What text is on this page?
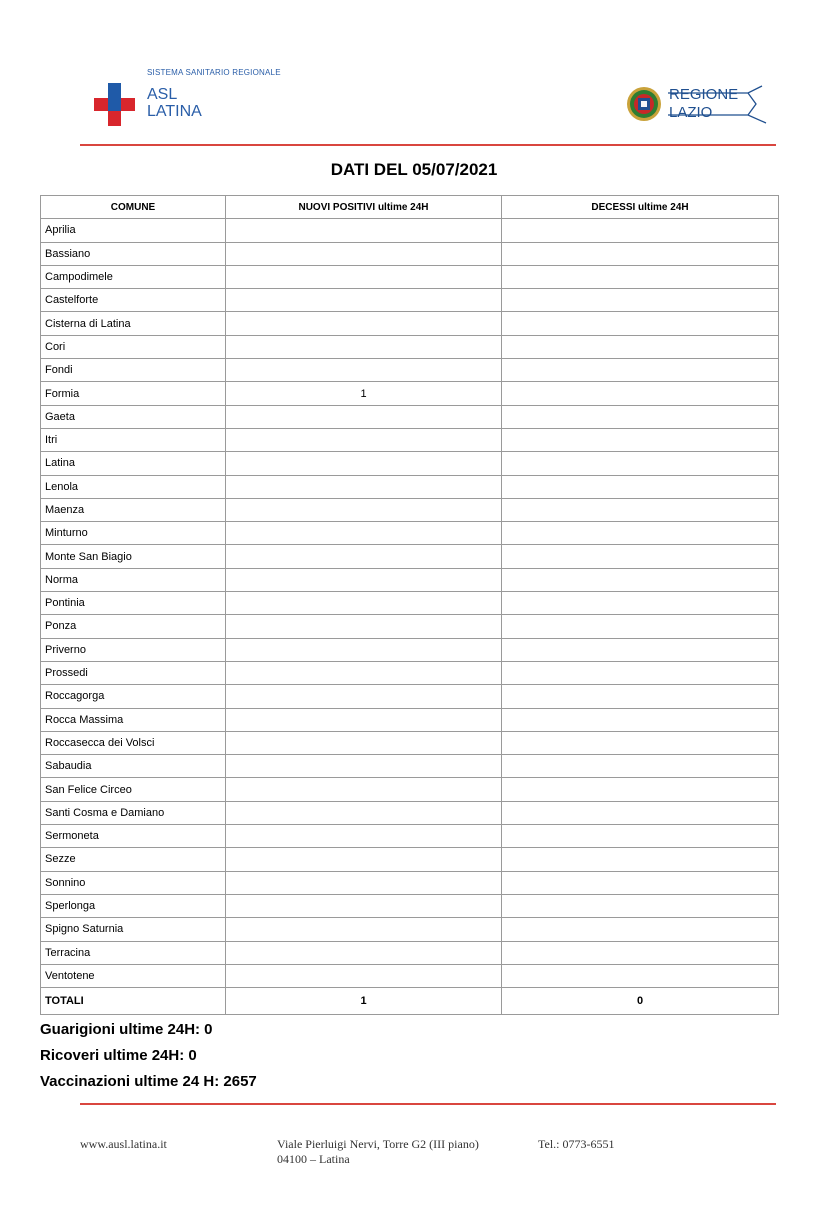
SISTEMA SANITARIO REGIONALE
ASL
LATINA
REGIONE
LAZIO
DATI DEL 05/07/2021
COMUNE	NUOVI POSITIVI ultime 24H	DECESSI ultime 24H
Aprilia		
Bassiano		
Campodimele		
Castelforte		
Cisterna di Latina		
Cori		
Fondi		
Formia	1	
Gaeta		
Itri		
Latina		
Lenola		
Maenza		
Minturno		
Monte San Biagio		
Norma		
Pontinia		
Ponza		
Priverno		
Prossedi		
Roccagorga		
Rocca Massima		
Roccasecca dei Volsci		
Sabaudia		
San Felice Circeo		
Santi Cosma e Damiano		
Sermoneta		
Sezze		
Sonnino		
Sperlonga		
Spigno Saturnia		
Terracina		
Ventotene		
TOTALI	1	0
Guarigioni ultime 24H: 0
Ricoveri ultime 24H: 0
Vaccinazioni ultime 24 H: 2657
www.ausl.latina.it	Viale Pierluigi Nervi, Torre G2 (III piano)
04100 – Latina
Tel.: 0773-6551
